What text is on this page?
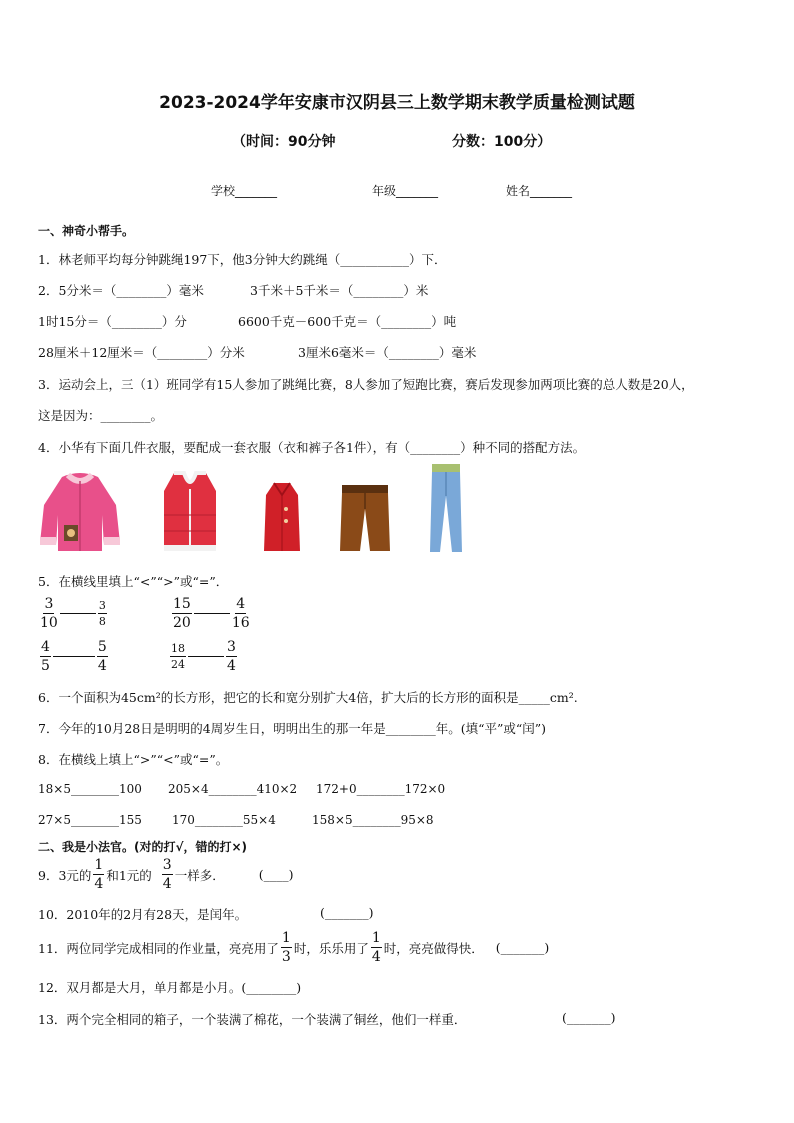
2023-2024学年安康市汉阴县三上数学期末教学质量检测试题
（时间：90分钟	分数：100分）
学校_______	年级_______	姓名_______
一、神奇小帮手。
1．林老师平均每分钟跳绳197下，他3分钟大约跳绳（___________）下．
2．5分米＝（________）毫米	3千米＋5千米＝（________）米
1时15分＝（________）分	6600千克－600千克＝（________）吨
28厘米＋12厘米＝（________）分米	3厘米6毫米＝（________）毫米
3．运动会上，三（1）班同学有15人参加了跳绳比赛，8人参加了短跑比赛，赛后发现参加两项比赛的总人数是20人，
这是因为：________。
4．小华有下面几件衣服，要配成一套衣服（衣和裤子各1件），有（________）种不同的搭配方法。
5．在横线里填上“<”“>”或“=”．
$\frac{3}{10}$	$\frac{3}{8}$	$\frac{15}{20}$	$\frac{4}{16}$
$\frac{4}{5}$	$\frac{5}{4}$	$\frac{18}{24}$	$\frac{3}{4}$
6．一个面积为45cm²的长方形，把它的长和宽分别扩大4倍，扩大后的长方形的面积是_____cm².
7．今年的10月28日是明明的4周岁生日，明明出生的那一年是________年。(填“平”或“闰”)
8．在横线上填上“>”“<”或“=”。
18×5________100 205×4________410×2 172+0________172×0
27×5________155	170________55×4	158×5________95×8
二、我是小法官。(对的打√，错的打×)
9．3元的 $\frac{1}{4}$ 和1元的 $\frac{3}{4}$ 一样多．	(____)
10．2010年的2月有28天，是闰年。	(_______)
11．两位同学完成相同的作业量，亮亮用了 $\frac{1}{3}$ 时，乐乐用了 $\frac{1}{4}$ 时，亮亮做得快． (_______)
12．双月都是大月，单月都是小月。(________)
13．两个完全相同的箱子，一个装满了棉花，一个装满了铜丝，他们一样重．	(_______)
